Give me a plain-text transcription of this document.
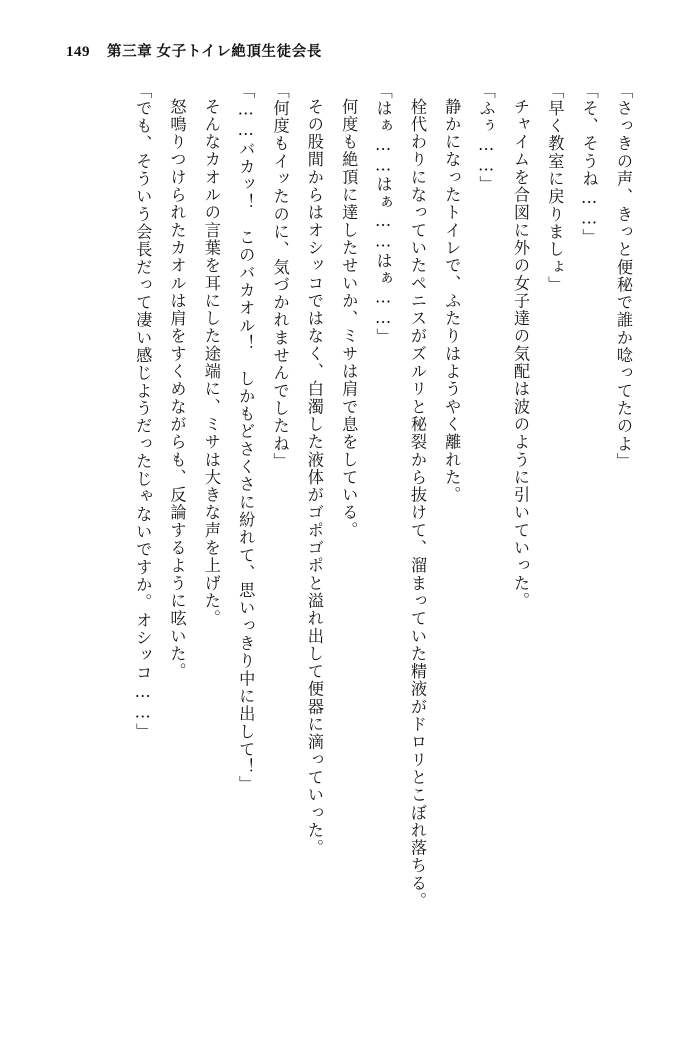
149 第三章 女子トイレ絶頂生徒会長

「さっきの声、きっと便秘で誰か唸ってたのよ」

「そ、そうね……」

「早く教室に戻りましょ」

チャイムを合図に外の女子達の気配は波のように引いていった。

「ふぅ……」

静かになったトイレで、ふたりはようやく離れた。

栓代わりになっていたペニスがズルリと秘裂から抜けて、溜まっていた精液がドロリとこぼれ落ちる。

「はぁ……はぁ……はぁ……」

何度も絶頂に達したせいか、ミサは肩で息をしている。

その股間からはオシッコではなく、白濁した液体がゴポゴポと溢れ出して便器に滴っていった。

「何度もイッたのに、気づかれませんでしたね」

「……バカッ！　このバカオル！　しかもどさくさに紛れて、思いっきり中に出して！」

そんなカオルの言葉を耳にした途端に、ミサは大きな声を上げた。

怒鳴りつけられたカオルは肩をすくめながらも、反論するように呟いた。

「でも、そういう会長だって凄い感じようだったじゃないですか。オシッコ……」
